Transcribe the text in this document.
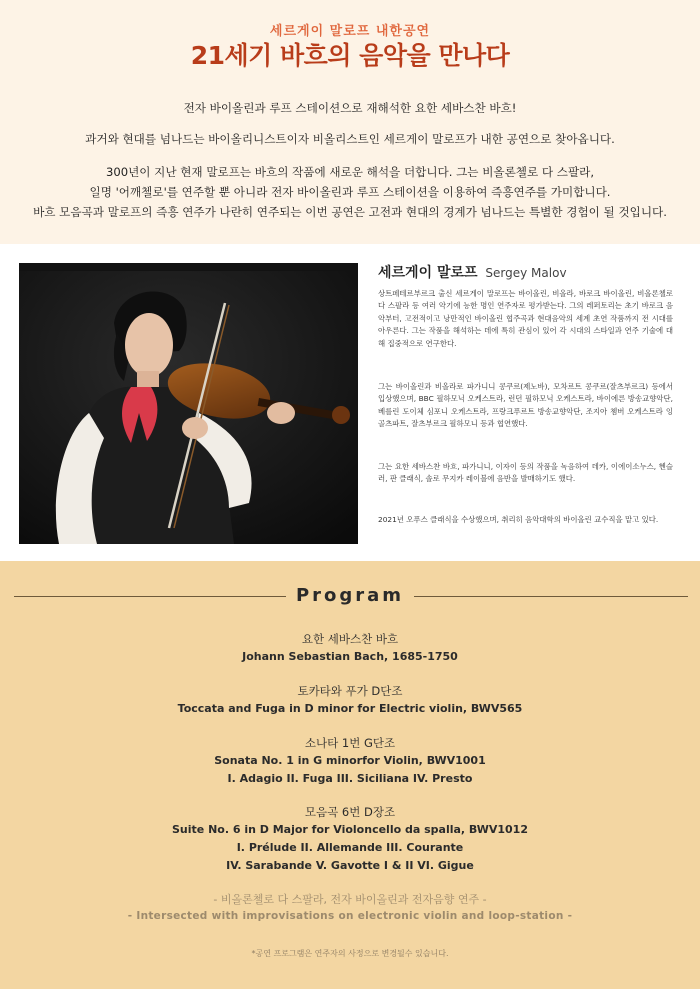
세르게이 말로프 내한공연
21세기 바흐의 음악을 만나다
전자 바이올린과 루프 스테이션으로 재해석한 요한 세바스찬 바흐!
과거와 현대를 넘나드는 바이올리니스트이자 비올리스트인 세르게이 말로프가 내한 공연으로 찾아옵니다.
300년이 지난 현재 말로프는 바흐의 작품에 새로운 해석을 더합니다. 그는 비올론첼로 다 스팔라,
일명 '어깨첼로'를 연주할 뿐 아니라 전자 바이올린과 루프 스테이션을 이용하여 즉흥연주를 가미합니다.
바흐 모음곡과 말로프의 즉흥 연주가 나란히 연주되는 이번 공연은 고전과 현대의 경계가 넘나드는 특별한 경험이 될 것입니다.
세르게이 말로프 Sergey Malov
상트페테르부르크 출신 세르게이 말로프는 바이올린, 비올라, 바로크 바이올린, 비올론첼로 다 스팔라 등 여러 악기에 능한 명인 연주자로 평가받는다. 그의 레퍼토리는 초기 바로크 음악부터, 고전적이고 낭만적인 바이올린 협주곡과 현대음악의 세계 초연 작품까지 전 시대를 아우른다. 그는 작품을 해석하는 데에 특히 관심이 있어 각 시대의 스타일과 연주 기술에 대해 집중적으로 연구한다.
그는 바이올린과 비올라로 파가니니 콩쿠르(제노바), 모차르트 콩쿠르(잘츠부르크) 등에서 입상했으며, BBC 필하모닉 오케스트라, 런던 필하모닉 오케스트라, 바이에른 방송교향악단, 베를린 도이체 심포니 오케스트라, 프랑크푸르트 방송교향악단, 조지아 쳄버 오케스트라 잉골츠파트, 잘츠부르크 필하모니 등과 협연했다.
그는 요한 세바스찬 바흐, 파가니니, 이자이 등의 작품을 녹음하여 데카, 이에이소누스, 헨슬러, 판 클래식, 솔로 무지카 레이블에 음반을 발매하기도 했다.
2021년 오푸스 클래식을 수상했으며, 취리히 음악대학의 바이올린 교수직을 맡고 있다.
Program
요한 세바스찬 바흐
Johann Sebastian Bach, 1685-1750
토카타와 푸가 D단조
Toccata and Fuga in D minor for Electric violin, BWV565
소나타 1번 G단조
Sonata No. 1 in G minorfor Violin, BWV1001
I. Adagio II. Fuga III. Siciliana IV. Presto
모음곡 6번 D장조
Suite No. 6 in D Major for Violoncello da spalla, BWV1012
I. Prélude II. Allemande III. Courante
IV. Sarabande V. Gavotte I & II VI. Gigue
- 비올론첼로 다 스팔라, 전자 바이올린과 전자음향 연주 -
- Intersected with improvisations on electronic violin and loop-station -
*공연 프로그램은 연주자의 사정으로 변경될수 있습니다.
